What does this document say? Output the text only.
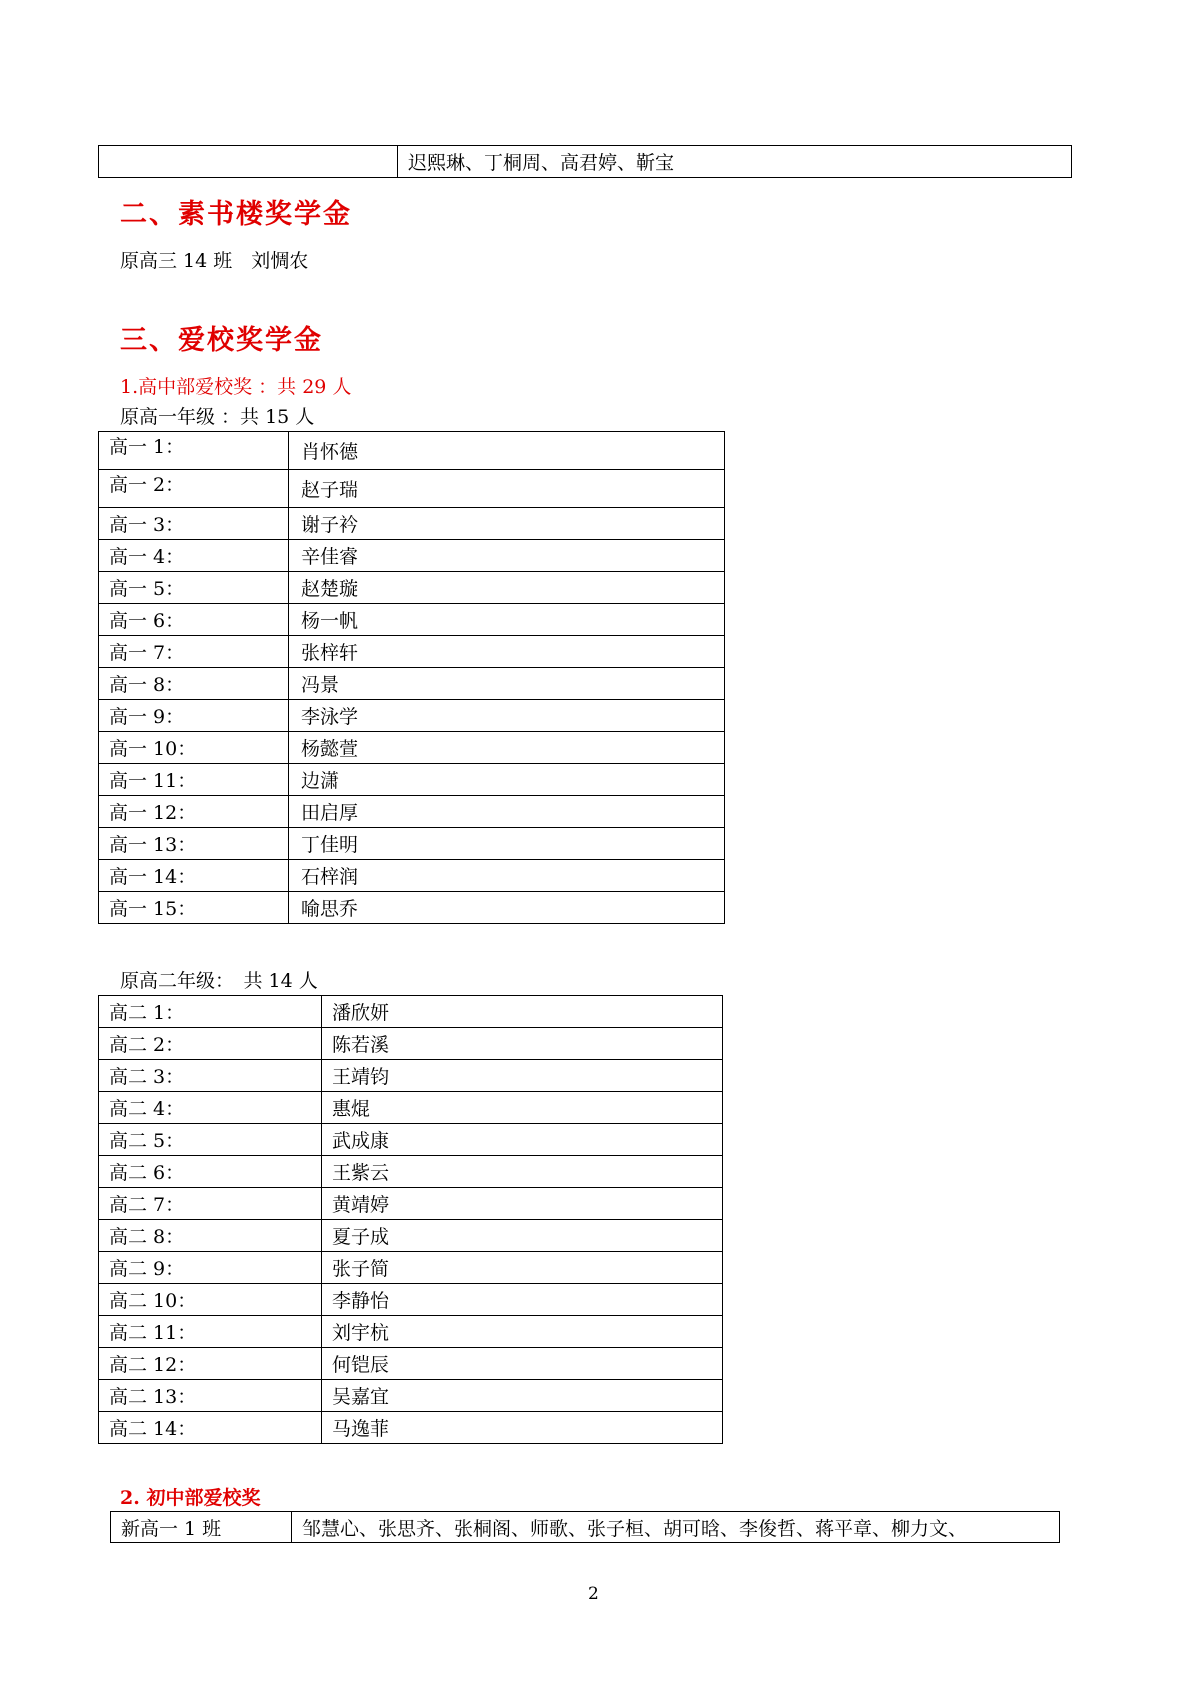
	迟熙琳、丁桐周、高君婷、靳宝
二、素书楼奖学金
原高三 14 班　刘惆农
三、爱校奖学金
1.高中部爱校奖 ：共 29 人
原高一年级 ：共 15 人
高一 1：	肖怀德
高一 2：	赵子瑞
高一 3：	谢子衿
高一 4：	辛佳睿
高一 5：	赵楚璇
高一 6：	杨一帆
高一 7：	张梓轩
高一 8：	冯景
高一 9：	李泳学
高一 10：	杨懿萱
高一 11：	边潇
高一 12：	田启厚
高一 13：	丁佳明
高一 14：	石梓润
高一 15：	喻思乔
原高二年级：　共 14 人
高二 1：	潘欣妍
高二 2：	陈若溪
高二 3：	王靖钧
高二 4：	惠焜
高二 5：	武成康
高二 6：	王紫云
高二 7：	黄靖婷
高二 8：	夏子成
高二 9：	张子简
高二 10：	李静怡
高二 11：	刘宇杭
高二 12：	何铠辰
高二 13：	吴嘉宜
高二 14：	马逸菲
2. 初中部爱校奖
新高一 1 班	邹慧心、张思齐、张桐阁、师歌、张子桓、胡可晗、李俊哲、蒋平章、柳力文、
2
